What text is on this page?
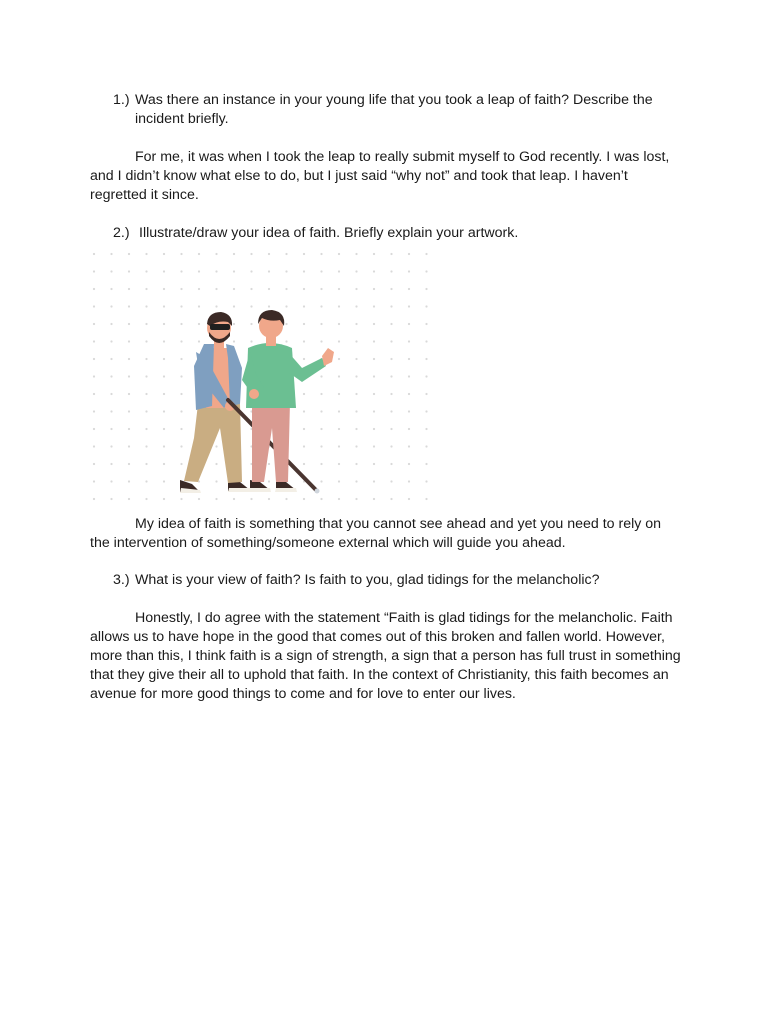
1.) Was there an instance in your young life that you took a leap of faith? Describe the incident briefly.
For me, it was when I took the leap to really submit myself to God recently. I was lost, and I didn’t know what else to do, but I just said “why not” and took that leap. I haven’t regretted it since.
2.) Illustrate/draw your idea of faith. Briefly explain your artwork.
My idea of faith is something that you cannot see ahead and yet you need to rely on the intervention of something/someone external which will guide you ahead.
3.) What is your view of faith? Is faith to you, glad tidings for the melancholic?
Honestly, I do agree with the statement “Faith is glad tidings for the melancholic. Faith allows us to have hope in the good that comes out of this broken and fallen world. However, more than this, I think faith is a sign of strength, a sign that a person has full trust in something that they give their all to uphold that faith. In the context of Christianity, this faith becomes an avenue for more good things to come and for love to enter our lives.
